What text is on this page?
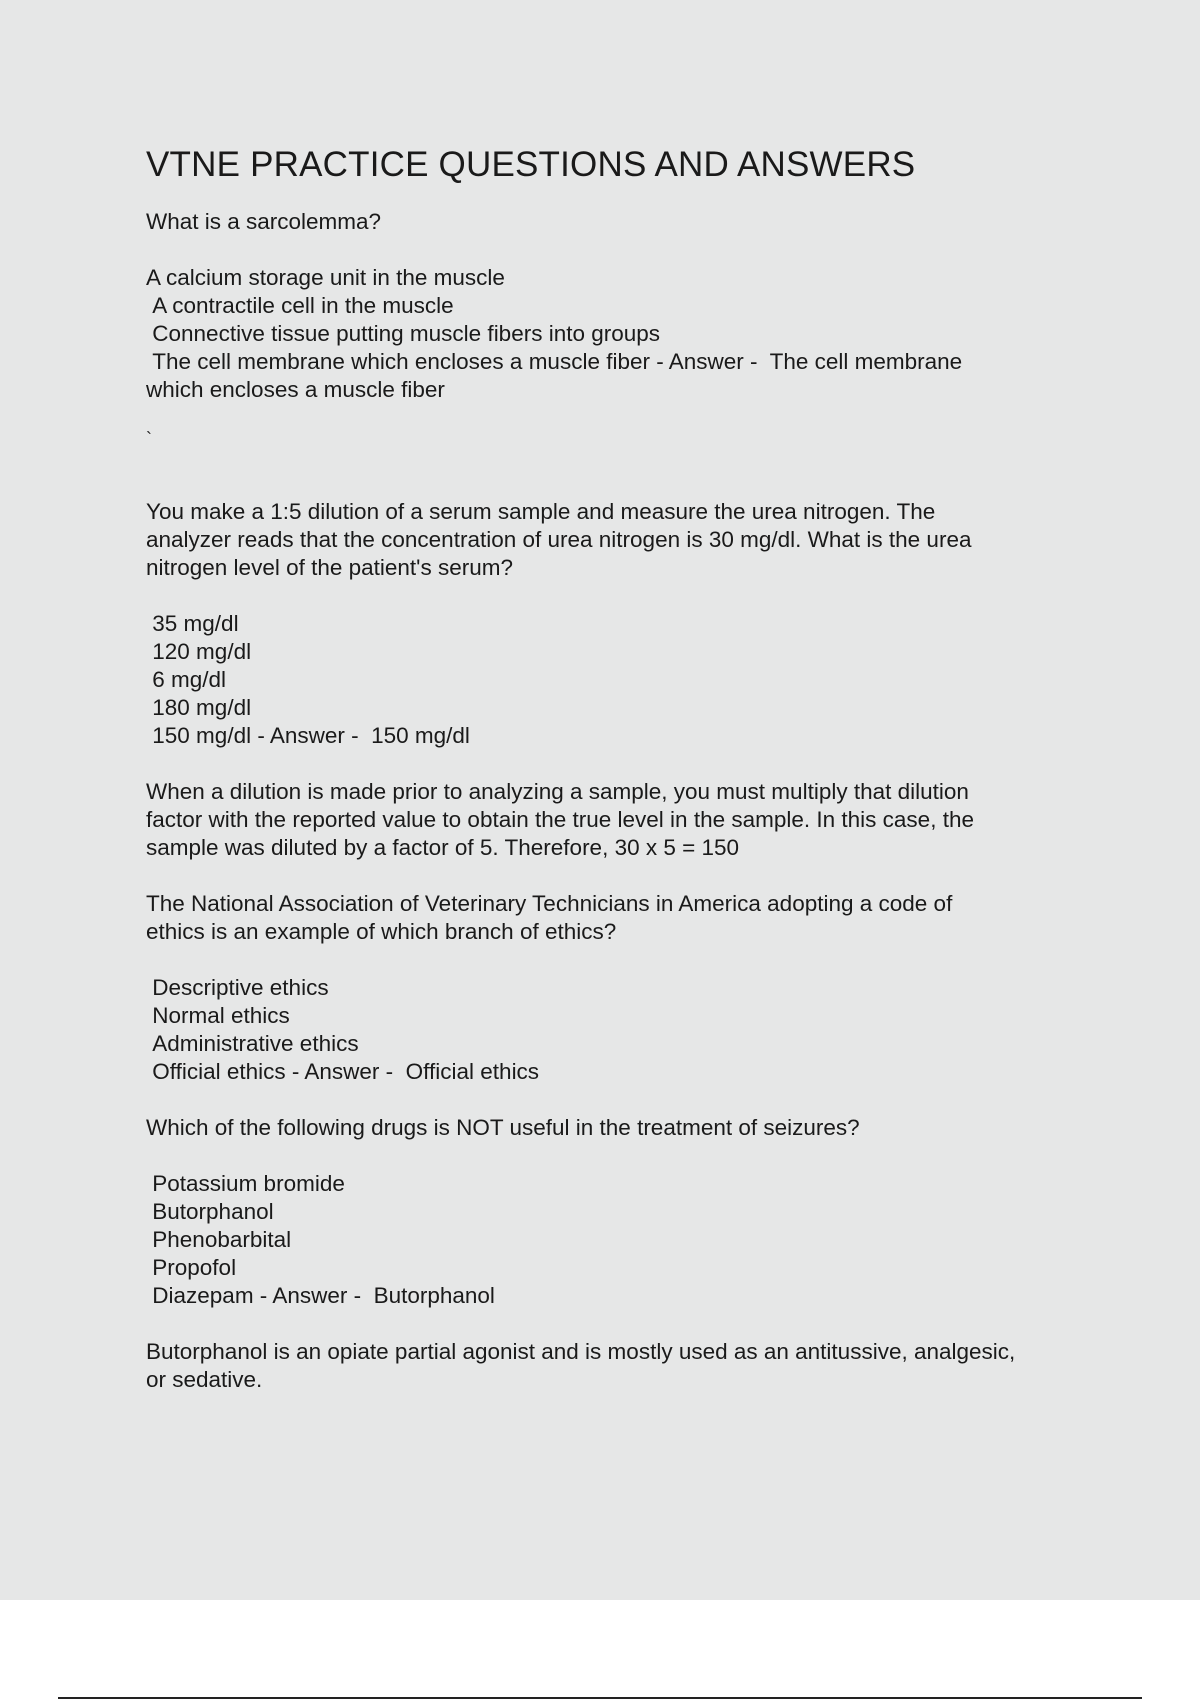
VTNE PRACTICE QUESTIONS AND ANSWERS

What is a sarcolemma?

A calcium storage unit in the muscle

A contractile cell in the muscle

Connective tissue putting muscle fibers into groups

The cell membrane which encloses a muscle fiber - Answer -  The cell membrane

which encloses a muscle fiber

`

You make a 1:5 dilution of a serum sample and measure the urea nitrogen. The

analyzer reads that the concentration of urea nitrogen is 30 mg/dl. What is the urea

nitrogen level of the patient's serum?

35 mg/dl

120 mg/dl

6 mg/dl

180 mg/dl

150 mg/dl - Answer -  150 mg/dl

When a dilution is made prior to analyzing a sample, you must multiply that dilution

factor with the reported value to obtain the true level in the sample. In this case, the

sample was diluted by a factor of 5. Therefore, 30 x 5 = 150

The National Association of Veterinary Technicians in America adopting a code of

ethics is an example of which branch of ethics?

Descriptive ethics

Normal ethics

Administrative ethics

Official ethics - Answer -  Official ethics

Which of the following drugs is NOT useful in the treatment of seizures?

Potassium bromide

Butorphanol

Phenobarbital

Propofol

Diazepam - Answer -  Butorphanol

Butorphanol is an opiate partial agonist and is mostly used as an antitussive, analgesic,

or sedative.
